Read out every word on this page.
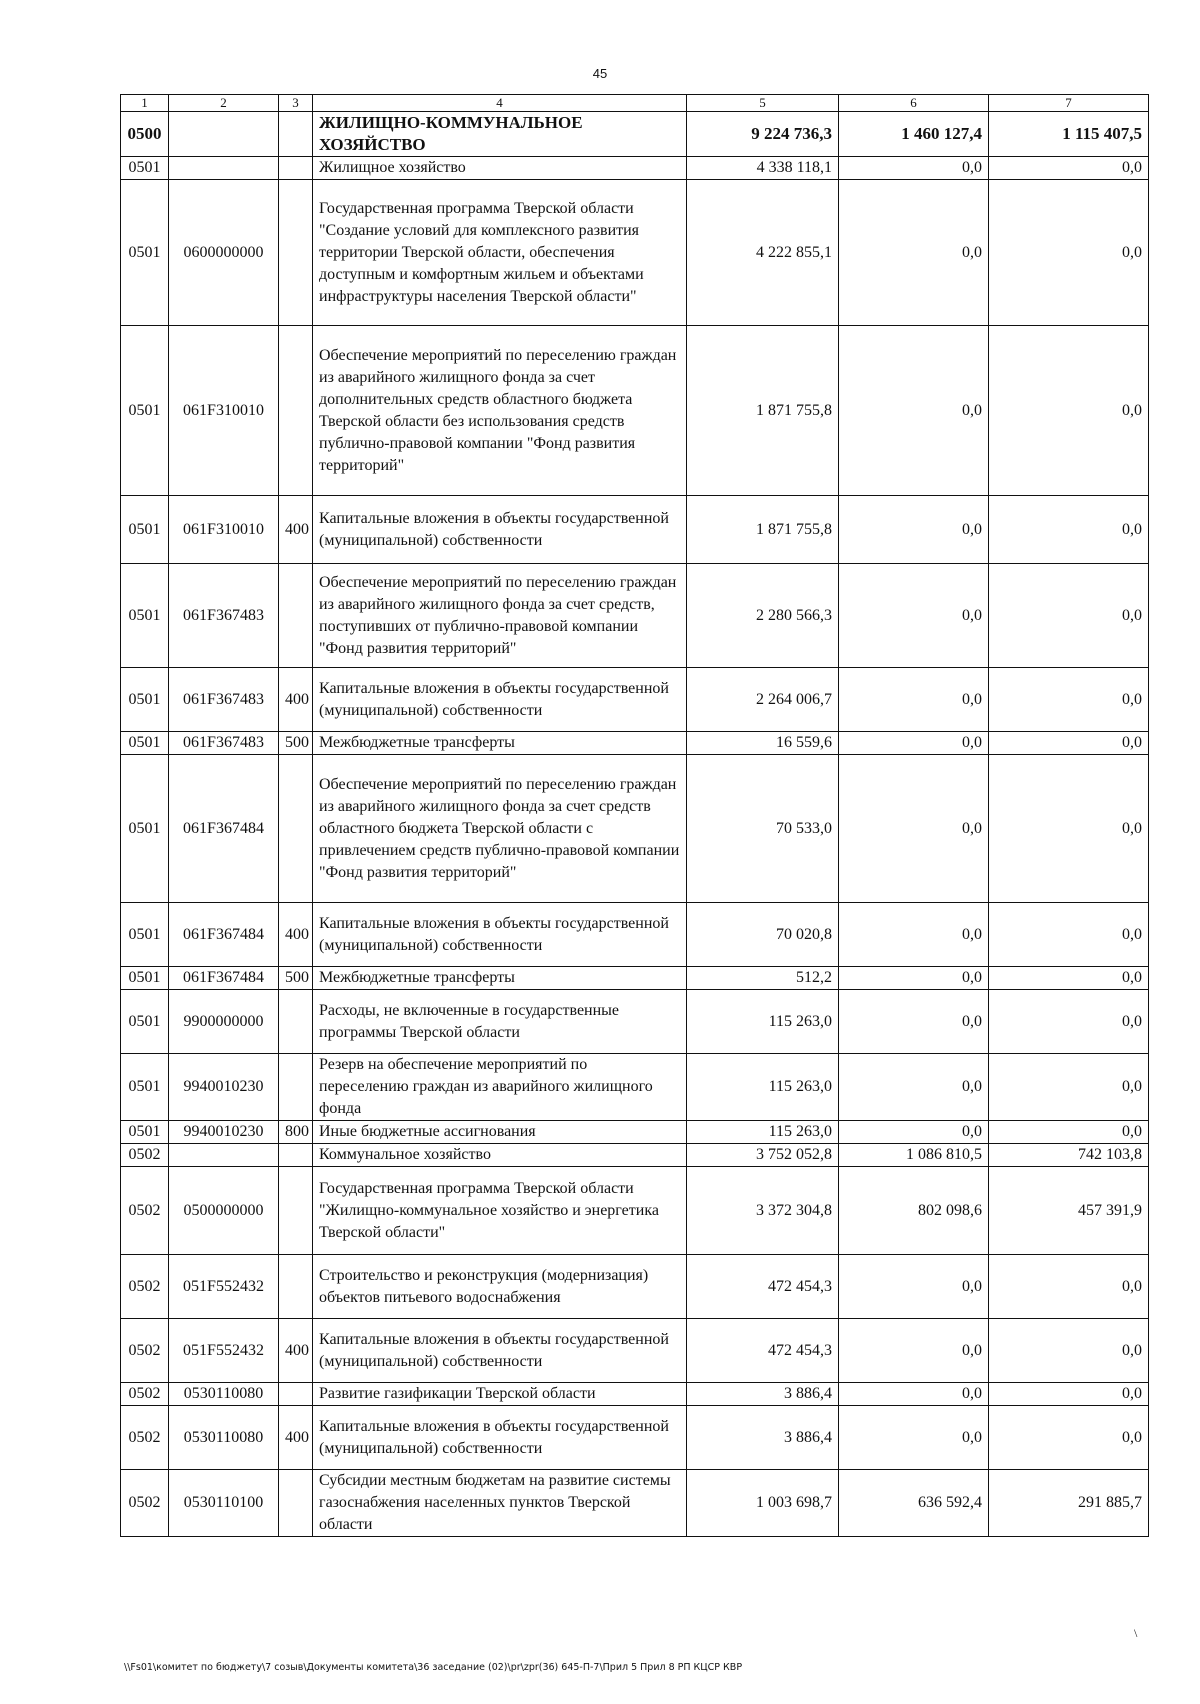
45
1	2	3	4	5	6	7
0500			ЖИЛИЩНО-КОММУНАЛЬНОЕ ХОЗЯЙСТВО	9 224 736,3	1 460 127,4	1 115 407,5
0501			Жилищное хозяйство	4 338 118,1	0,0	0,0
0501	0600000000		Государственная программа Тверской области "Создание условий для комплексного развития территории Тверской области, обеспечения доступным и комфортным жильем и объектами инфраструктуры населения Тверской области"	4 222 855,1	0,0	0,0
0501	061F310010		Обеспечение мероприятий по переселению граждан из аварийного жилищного фонда за счет дополнительных средств областного бюджета Тверской области без использования средств публично-правовой компании "Фонд развития территорий"	1 871 755,8	0,0	0,0
0501	061F310010	400	Капитальные вложения в объекты государственной (муниципальной) собственности	1 871 755,8	0,0	0,0
0501	061F367483		Обеспечение мероприятий по переселению граждан из аварийного жилищного фонда за счет средств, поступивших от публично-правовой компании "Фонд развития территорий"	2 280 566,3	0,0	0,0
0501	061F367483	400	Капитальные вложения в объекты государственной (муниципальной) собственности	2 264 006,7	0,0	0,0
0501	061F367483	500	Межбюджетные трансферты	16 559,6	0,0	0,0
0501	061F367484		Обеспечение мероприятий по переселению граждан из аварийного жилищного фонда за счет средств областного бюджета Тверской области с привлечением средств публично-правовой компании "Фонд развития территорий"	70 533,0	0,0	0,0
0501	061F367484	400	Капитальные вложения в объекты государственной (муниципальной) собственности	70 020,8	0,0	0,0
0501	061F367484	500	Межбюджетные трансферты	512,2	0,0	0,0
0501	9900000000		Расходы, не включенные в государственные программы Тверской области	115 263,0	0,0	0,0
0501	9940010230		Резерв на обеспечение мероприятий по переселению граждан из аварийного жилищного фонда	115 263,0	0,0	0,0
0501	9940010230	800	Иные бюджетные ассигнования	115 263,0	0,0	0,0
0502			Коммунальное хозяйство	3 752 052,8	1 086 810,5	742 103,8
0502	0500000000		Государственная программа Тверской области "Жилищно-коммунальное хозяйство и энергетика Тверской области"	3 372 304,8	802 098,6	457 391,9
0502	051F552432		Строительство и реконструкция (модернизация) объектов питьевого водоснабжения	472 454,3	0,0	0,0
0502	051F552432	400	Капитальные вложения в объекты государственной (муниципальной) собственности	472 454,3	0,0	0,0
0502	0530110080		Развитие газификации Тверской области	3 886,4	0,0	0,0
0502	0530110080	400	Капитальные вложения в объекты государственной (муниципальной) собственности	3 886,4	0,0	0,0
0502	0530110100		Субсидии местным бюджетам на развитие системы газоснабжения населенных пунктов Тверской области	1 003 698,7	636 592,4	291 885,7
\
\\Fs01\комитет по бюджету\7 созыв\Документы комитета\36 заседание (02)\pr\zpr(36) 645-П-7\Прил 5 Прил 8 РП КЦСР КВР
